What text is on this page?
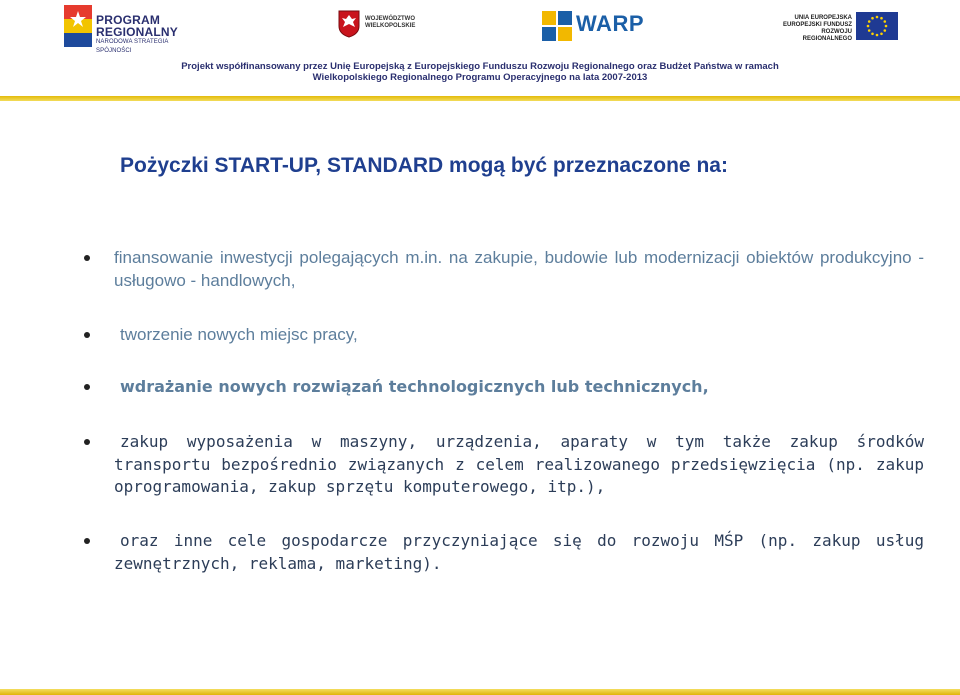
PROGRAM
REGIONALNY
NARODOWA STRATEGIA SPÓJNOŚCI
WOJEWÓDZTWO
WIELKOPOLSKIE	WARP	UNIA EUROPEJSKA
EUROPEJSKI FUNDUSZ
ROZWOJU REGIONALNEGO
Projekt współfinansowany przez Unię Europejską z Europejskiego Funduszu Rozwoju Regionalnego oraz Budżet Państwa w ramach
Wielkopolskiego Regionalnego Programu Operacyjnego na lata 2007-2013
Pożyczki START-UP, STANDARD mogą być przeznaczone na:
finansowanie inwestycji polegających m.in. na zakupie, budowie lub modernizacji obiektów produkcyjno - usługowo - handlowych,
tworzenie nowych miejsc pracy,
wdrażanie nowych rozwiązań technologicznych lub technicznych,
zakup wyposażenia w maszyny, urządzenia, aparaty w tym także zakup środków transportu bezpośrednio związanych z celem realizowanego przedsięwzięcia (np. zakup oprogramowania, zakup sprzętu komputerowego, itp.),
oraz inne cele gospodarcze przyczyniające się do rozwoju MŚP (np. zakup usług zewnętrznych, reklama, marketing).
